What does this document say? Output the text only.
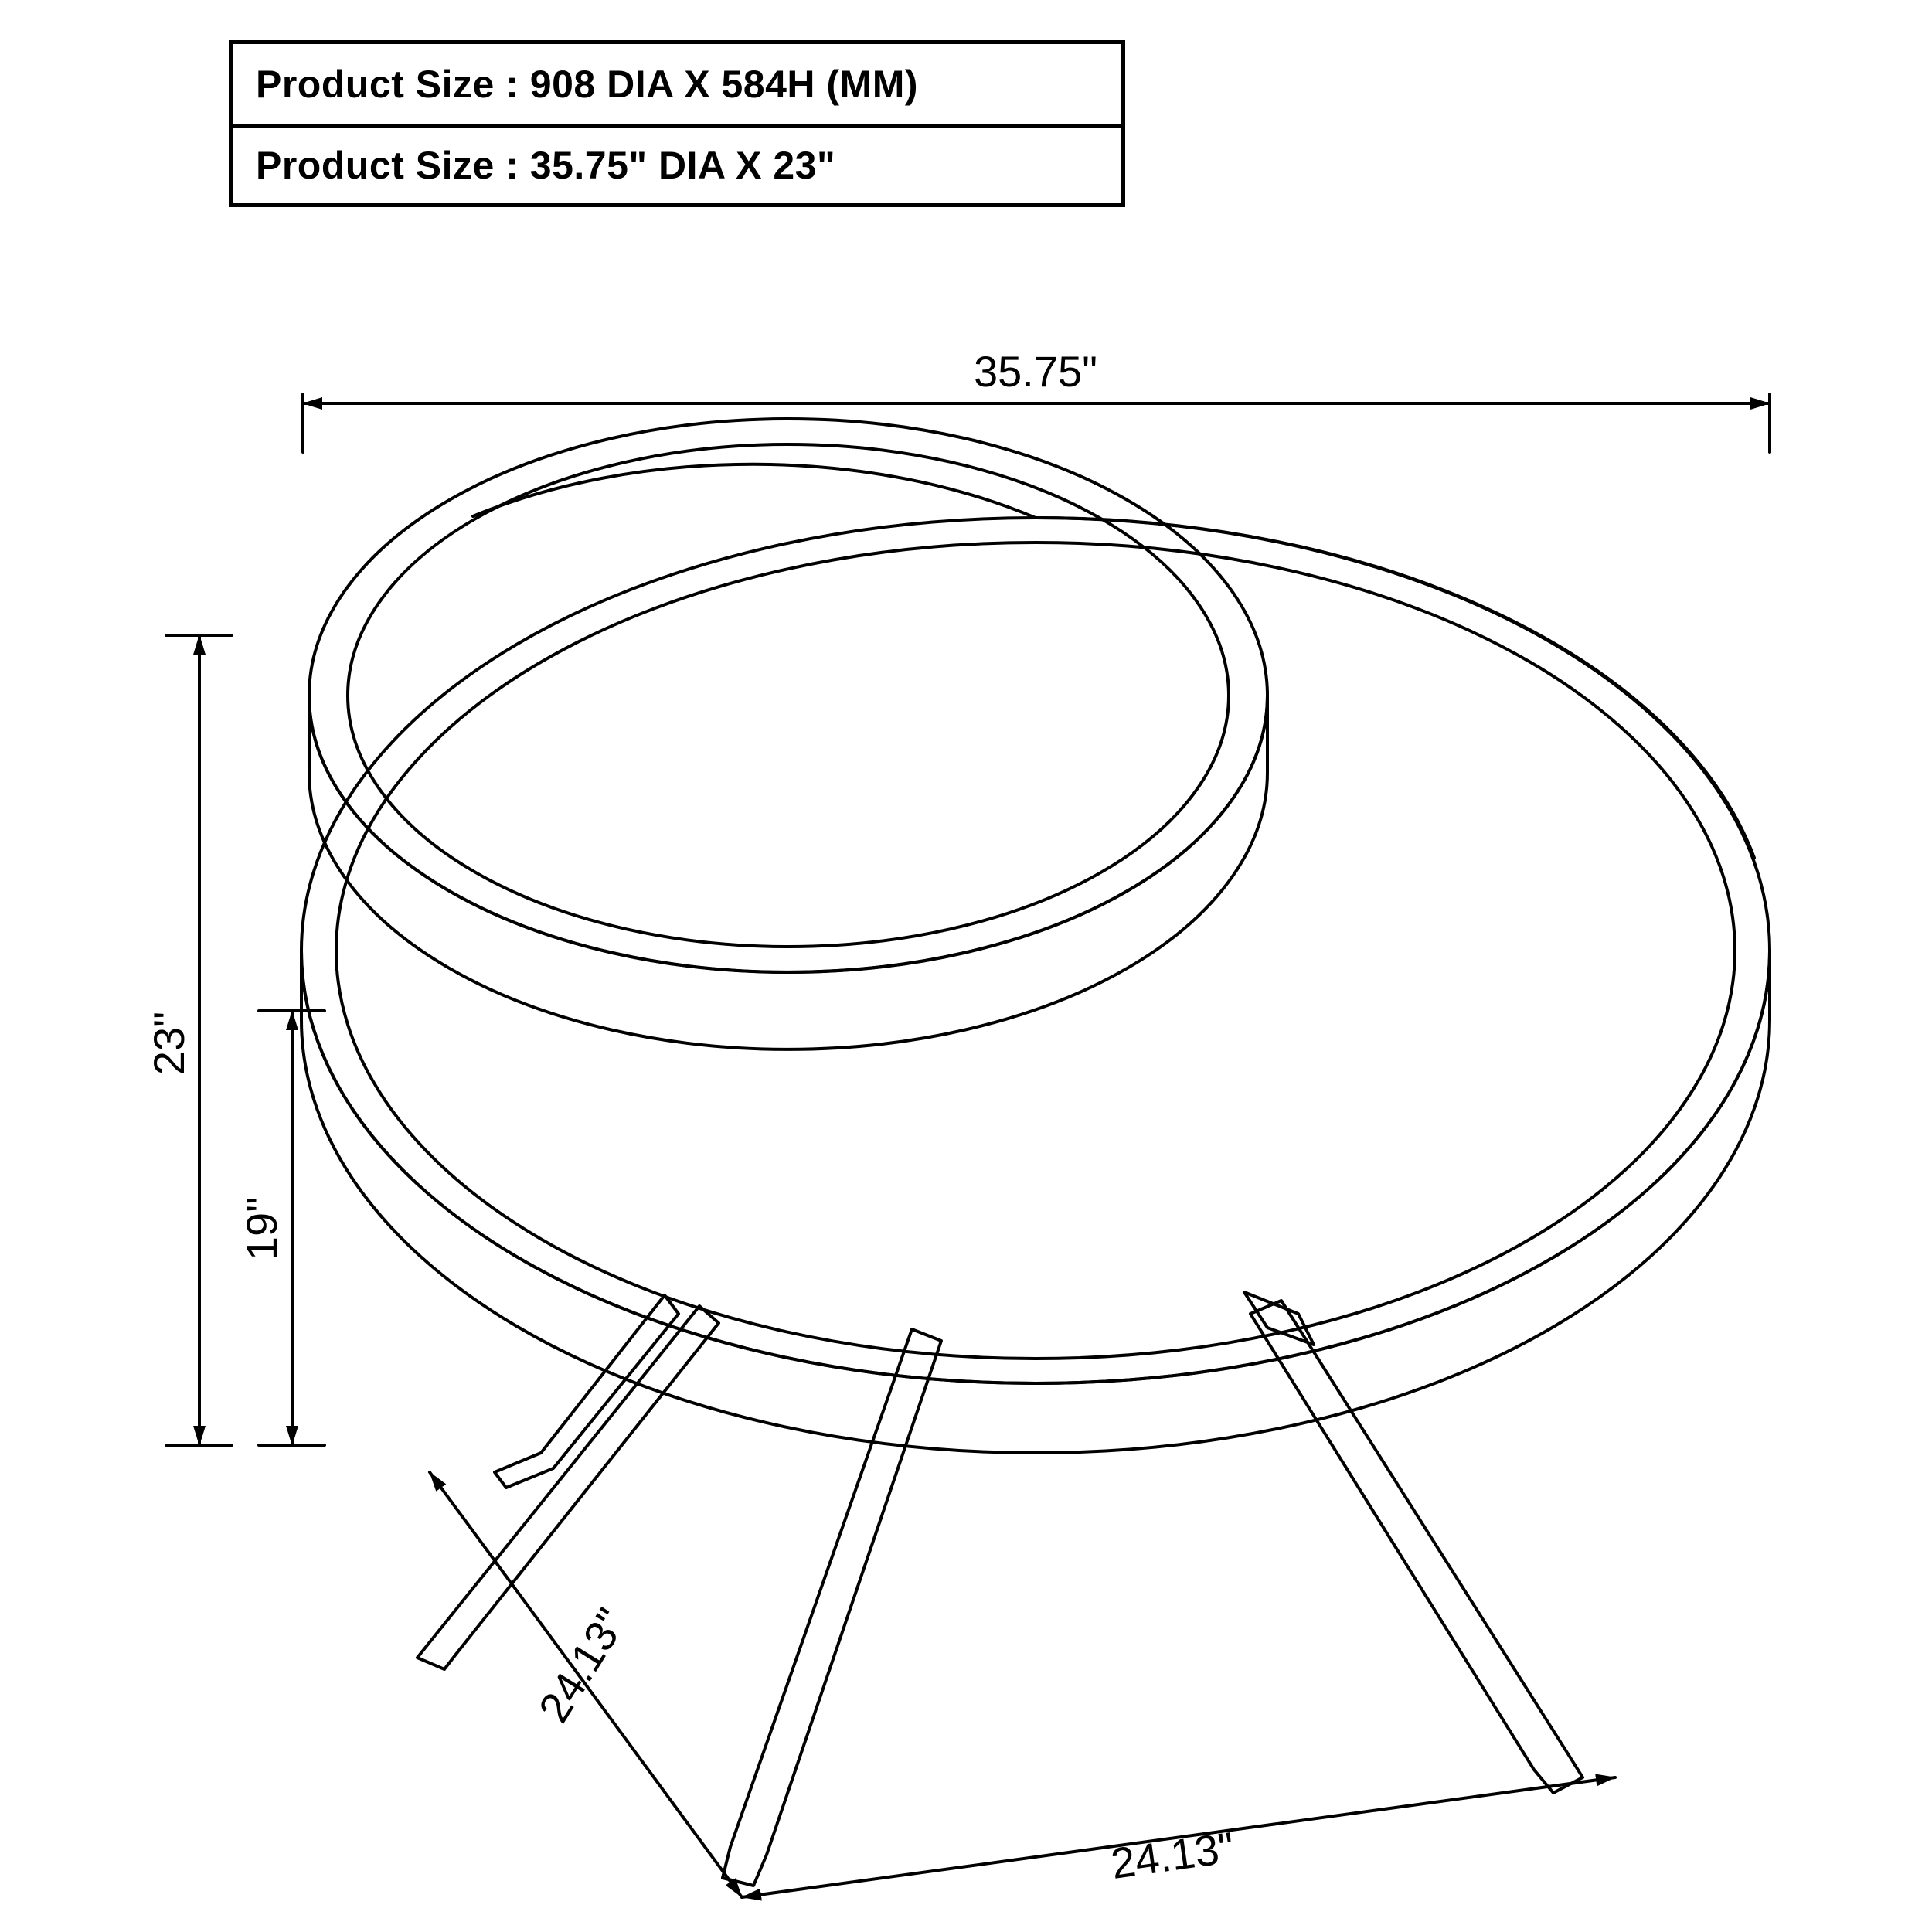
35.75"
23"
19"
24.13"
24.13"
Product Size : 908 DIA X 584H (MM)
Product Size : 35.75" DIA X 23"
